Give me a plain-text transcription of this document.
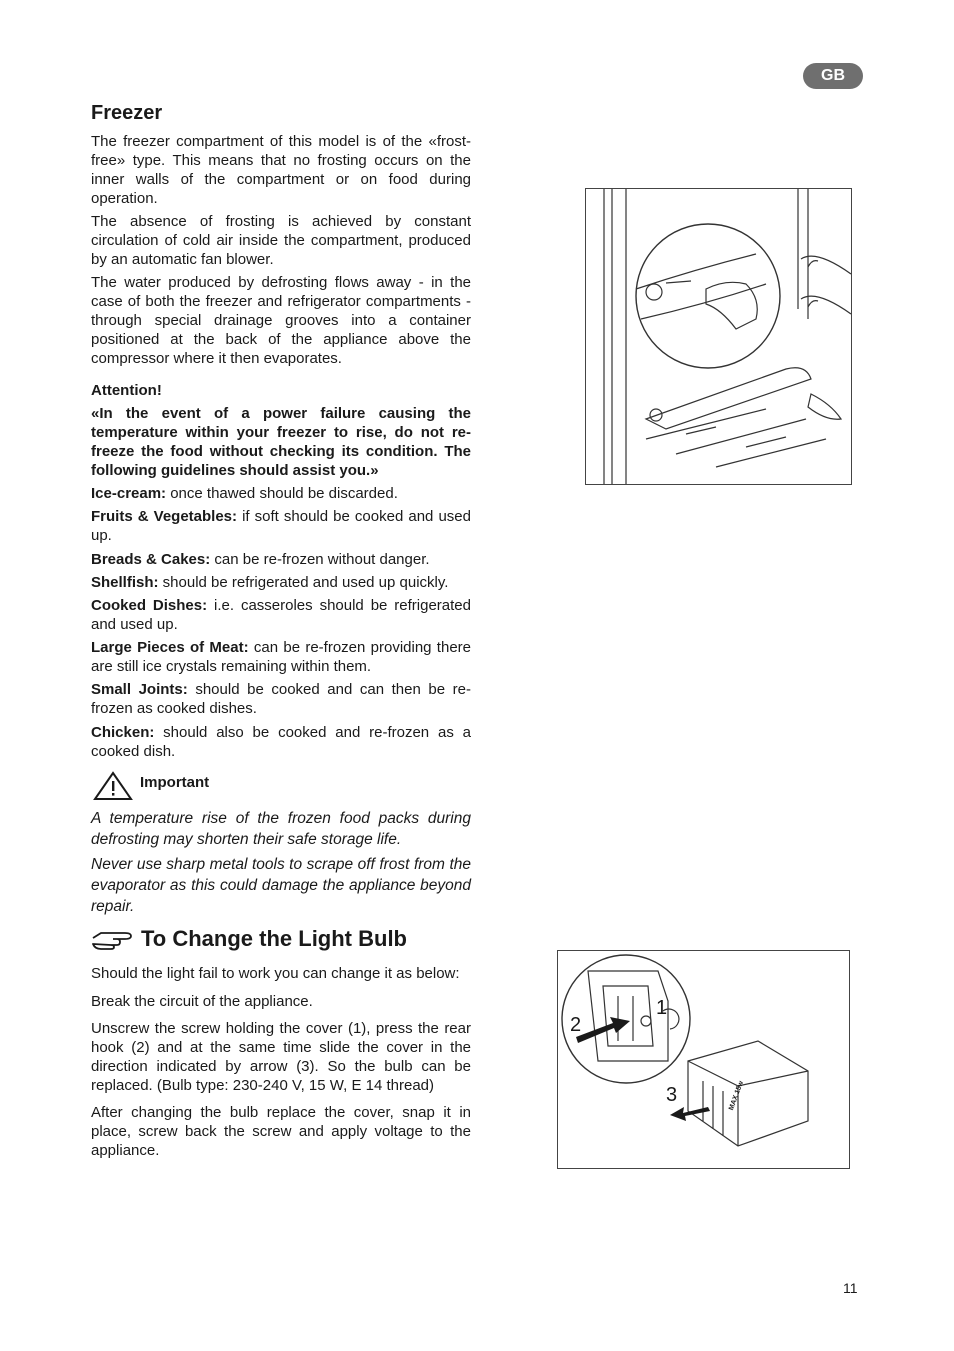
GB
Freezer

The freezer compartment of this model is of the «frost-free» type. This means that no frosting occurs on the inner walls of the compartment or on food during operation.

The absence of frosting is achieved by constant circulation of cold air inside the compartment, produced by an automatic fan blower.

The water produced by defrosting flows away - in the case of both the freezer and refrigerator compartments - through special drainage grooves into a container positioned at the back of the appliance above the compressor where it then evaporates.

Attention!

«In the event of a power failure causing the temperature within your freezer to rise, do not re-freeze the food without checking its condition. The following guidelines should assist you.»

Ice-cream: once thawed should be discarded.

Fruits & Vegetables: if soft should be cooked and used up.

Breads & Cakes: can be re-frozen without danger.

Shellfish: should be refrigerated and used up quickly.

Cooked Dishes: i.e. casseroles should be refrigerated and used up.

Large Pieces of Meat: can be re-frozen providing there are still ice crystals remaining within them.

Small Joints: should be cooked and can then be re-frozen as cooked dishes.

Chicken: should also be cooked and re-frozen as a cooked dish.

Important

A temperature rise of the frozen food packs during defrosting may shorten their safe storage life.

Never use sharp metal tools to scrape off frost from the evaporator as this could damage the appliance beyond repair.

To Change the Light Bulb

Should the light fail to work you can change it as below:

Break the circuit of the appliance.

Unscrew the screw holding the cover (1), press the rear hook (2) and at the same time slide the cover in the direction indicated by arrow (3). So the bulb can be replaced. (Bulb type: 230-240 V, 15 W, E 14 thread)

After changing the bulb replace the cover, snap it in place, screw back the screw and apply voltage to the appliance.

1
2
3	MAX 15w
11
